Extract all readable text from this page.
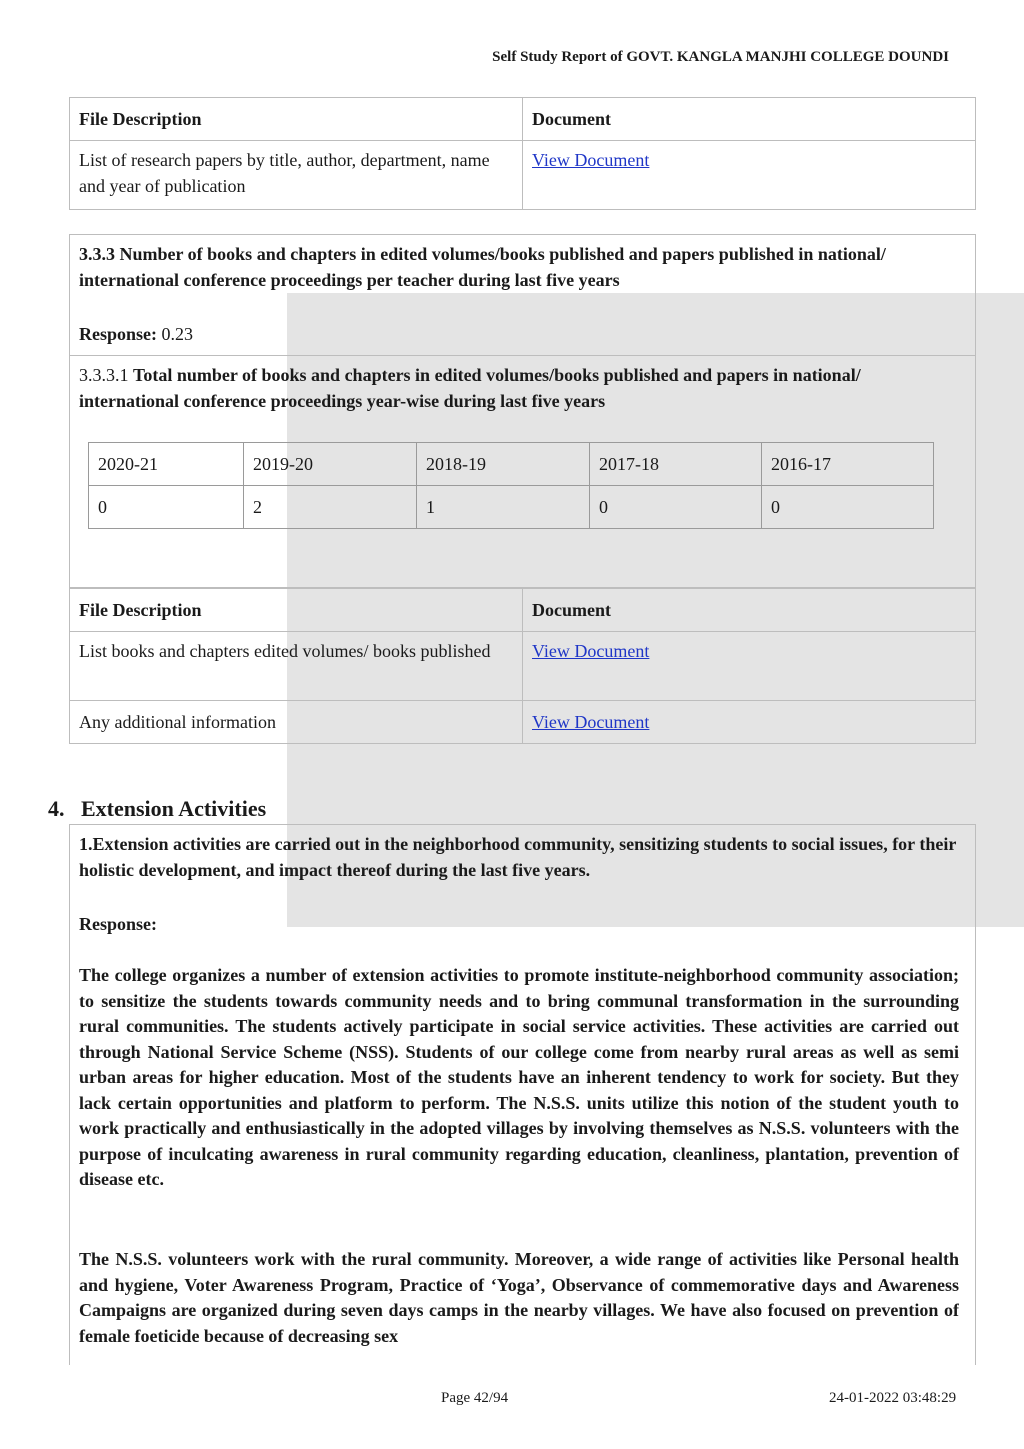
Self Study Report of GOVT. KANGLA MANJHI COLLEGE DOUNDI
File Description	Document
List of research papers by title, author, department, name and year of publication	View Document
3.3.3 Number of books and chapters in edited volumes/books published and papers published in national/ international conference proceedings per teacher during last five years
Response: 0.23
3.3.3.1 Total number of books and chapters in edited volumes/books published and papers in national/ international conference proceedings year-wise during last five years
2020-21	2019-20	2018-19	2017-18	2016-17
0	2	1	0	0
File Description	Document
List books and chapters edited volumes/ books published	View Document
Any additional information	View Document
4. Extension Activities
1.Extension activities are carried out in the neighborhood community, sensitizing students to social issues, for their holistic development, and impact thereof during the last five years.
Response:
The college organizes a number of extension activities to promote institute-neighborhood community association; to sensitize the students towards community needs and to bring communal transformation in the surrounding rural communities. The students actively participate in social service activities. These activities are carried out through National Service Scheme (NSS). Students of our college come from nearby rural areas as well as semi urban areas for higher education. Most of the students have an inherent tendency to work for society. But they lack certain opportunities and platform to perform. The N.S.S. units utilize this notion of the student youth to work practically and enthusiastically in the adopted villages by involving themselves as N.S.S. volunteers with the purpose of inculcating awareness in rural community regarding education, cleanliness, plantation, prevention of disease etc.
The N.S.S. volunteers work with the rural community. Moreover, a wide range of activities like Personal health and hygiene, Voter Awareness Program, Practice of ‘Yoga’, Observance of commemorative days and Awareness Campaigns are organized during seven days camps in the nearby villages. We have also focused on prevention of female foeticide because of decreasing sex
Page 42/94	24-01-2022 03:48:29
